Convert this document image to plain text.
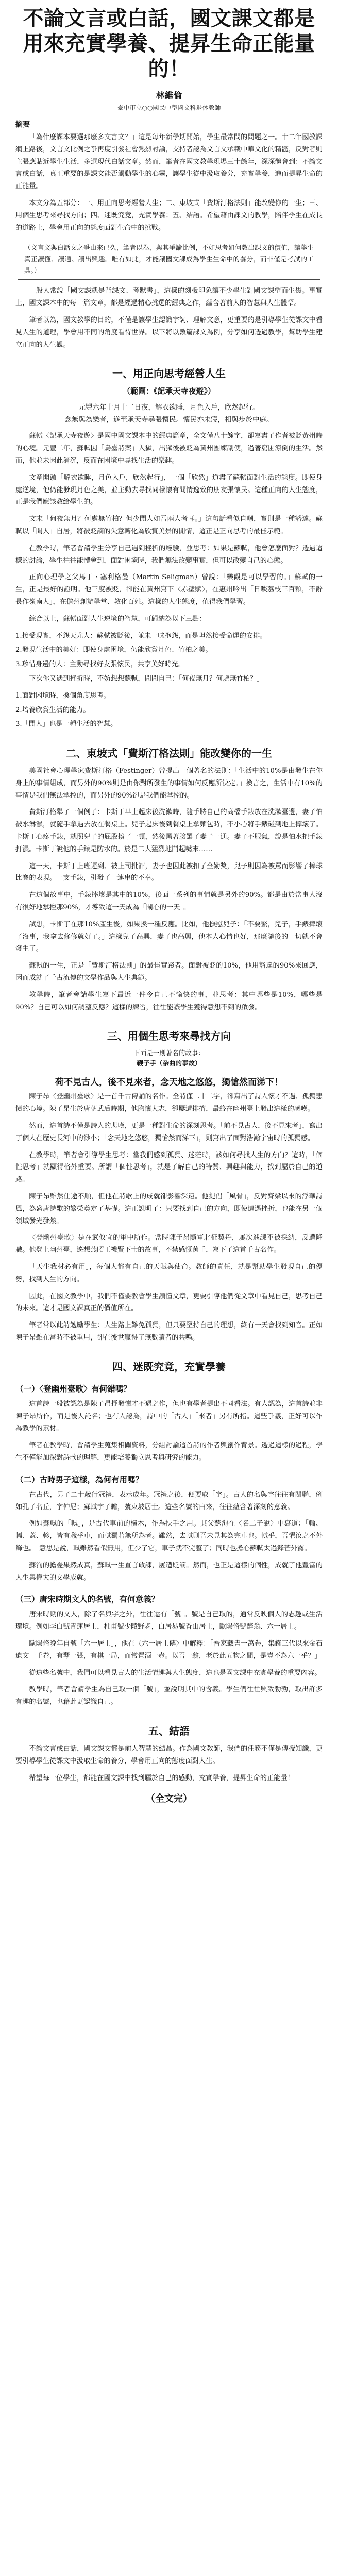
不論文言或白話，國文課文都是用來充實學養、提昇生命正能量的！
林維倫
臺中市立○○國民中學國文科退休教師
摘要

「為什麼課本要選那麼多文言文？」這是每年新學期開始，學生最常問的問題之一。十二年國教課綱上路後，文言文比例之爭再度引發社會熱烈討論，支持者認為文言文承載中華文化的精髓，反對者則主張應貼近學生生活，多選現代白話文章。然而，筆者在國文教學現場三十餘年，深深體會到：不論文言或白話，真正重要的是課文能否觸動學生的心靈，讓學生從中汲取養分，充實學養，進而提昇生命的正能量。

本文分為五部分：一、用正向思考經營人生；二、東坡式「費斯汀格法則」能改變你的一生；三、用個生思考來尋找方向；四、迷既究竟，充實學養；五、結語。希望藉由課文的教學，陪伴學生在成長的道路上，學會用正向的態度面對生命中的挑戰。

（文言文與白話文之爭由來已久，筆者以為，與其爭論比例，不如思考如何教出課文的價值，讓學生真正讀懂、讀通、讀出興趣。唯有如此，才能讓國文課成為學生生命中的養分，而非僅是考試的工具。）

一般人常說「國文課就是背課文、考默書」，這樣的刻板印象讓不少學生對國文課望而生畏。事實上，國文課本中的每一篇文章，都是經過精心挑選的經典之作，蘊含著前人的智慧與人生體悟。

筆者以為，國文教學的目的，不僅是讓學生認識字詞、理解文意，更重要的是引導學生從課文中看見人生的道理，學會用不同的角度看待世界。以下將以數篇課文為例，分享如何透過教學，幫助學生建立正向的人生觀。

一、用正向思考經營人生
（範圍：《記承天寺夜遊》）
元豐六年十月十二日夜，解衣欲睡，月色入戶，欣然起行。
念無與為樂者，遂至承天寺尋張懷民。懷民亦未寢，相與步於中庭。

蘇軾〈記承天寺夜遊〉是國中國文課本中的經典篇章，全文僅八十餘字，卻寫盡了作者被貶黃州時的心境。元豐二年，蘇軾因「烏臺詩案」入獄，出獄後被貶為黃州團練副使，過著窮困潦倒的生活。然而，他並未因此消沉，反而在困境中尋找生活的樂趣。

文章開頭「解衣欲睡，月色入戶，欣然起行」，一個「欣然」道盡了蘇軾面對生活的態度。即使身處逆境，他仍能發現月色之美，並主動去尋找同樣懷有閒情逸致的朋友張懷民。這種正向的人生態度，正是我們應該教給學生的。

文末「何夜無月？何處無竹柏？但少閒人如吾兩人者耳。」這句話看似自嘲，實則是一種豁達。蘇軾以「閒人」自居，將被貶謫的失意轉化為欣賞美景的閒情，這正是正向思考的最佳示範。

在教學時，筆者會請學生分享自己遇到挫折的經驗，並思考：如果是蘇軾，他會怎麼面對？透過這樣的討論，學生往往能體會到，面對困境時，我們無法改變事實，但可以改變自己的心態。

正向心理學之父馬丁・塞利格曼（Martin Seligman）曾說：「樂觀是可以學習的。」蘇軾的一生，正是最好的證明。他三度被貶，卻能在黃州寫下〈赤壁賦〉，在惠州吟出「日啖荔枝三百顆，不辭長作嶺南人」，在儋州創辦學堂、教化百姓。這樣的人生態度，值得我們學習。

綜合以上，蘇軾面對人生逆境的智慧，可歸納為以下三點：

1.接受現實，不怨天尤人：蘇軾被貶後，並未一味抱怨，而是坦然接受命運的安排。
2.發現生活中的美好：即使身處困境，仍能欣賞月色、竹柏之美。
3.珍惜身邊的人：主動尋找好友張懷民，共享美好時光。

下次你又遇到挫折時，不妨想想蘇軾，問問自己：「何夜無月？何處無竹柏？」

1.面對困境時，換個角度思考。
2.培養欣賞生活的能力。
3.「閒人」也是一種生活的智慧。
二、東坡式「費斯汀格法則」能改變你的一生

美國社會心理學家費斯汀格（Festinger）曾提出一個著名的法則：「生活中的10%是由發生在你身上的事情組成，而另外的90%則是由你對所發生的事情如何反應所決定。」換言之，生活中有10%的事情是我們無法掌控的，而另外的90%卻是我們能掌控的。

費斯汀格舉了一個例子：卡斯丁早上起床後洗漱時，隨手將自己的高檔手錶放在洗漱臺邊，妻子怕被水淋濕，就隨手拿過去放在餐桌上。兒子起床後到餐桌上拿麵包時，不小心將手錶碰到地上摔壞了。卡斯丁心疼手錶，就照兒子的屁股揍了一頓，然後黑著臉罵了妻子一通。妻子不服氣，說是怕水把手錶打濕。卡斯丁說他的手錶是防水的。於是二人猛烈地鬥起嘴來……

這一天，卡斯丁上班遲到、被上司批評，妻子也因此被扣了全勤獎，兒子則因為被罵而影響了棒球比賽的表現。一支手錶，引發了一連串的不幸。

在這個故事中，手錶摔壞是其中的10%，後面一系列的事情就是另外的90%。都是由於當事人沒有很好地掌控那90%，才導致這一天成為「鬧心的一天」。

試想，卡斯丁在那10%產生後，如果換一種反應。比如，他撫慰兒子：「不要緊，兒子，手錶摔壞了沒事，我拿去修修就好了。」這樣兒子高興，妻子也高興，他本人心情也好，那麼隨後的一切就不會發生了。

蘇軾的一生，正是「費斯汀格法則」的最佳實踐者。面對被貶的10%，他用豁達的90%來回應，因而成就了千古流傳的文學作品與人生典範。

教學時，筆者會請學生寫下最近一件令自己不愉快的事，並思考：其中哪些是10%，哪些是90%？自己可以如何調整反應？這樣的練習，往往能讓學生獲得意想不到的啟發。

三、用個生思考來尋找方向
下面是一則著名的故事：
鞭子手（杂曲的事故）
荷不見古人，後不見來者，念天地之悠悠，獨愴然而涕下！

陳子昂〈登幽州臺歌〉是一首千古傳誦的名作。全詩僅二十二字，卻寫出了詩人懷才不遇、孤獨悲憤的心境。陳子昂生於唐朝武后時期，他胸懷大志，卻屢遭排擠，最終在幽州臺上發出這樣的感嘆。

然而，這首詩不僅是詩人的悲嘆，更是一種對生命的深刻思考。「前不見古人，後不見來者」，寫出了個人在歷史長河中的渺小；「念天地之悠悠，獨愴然而涕下」，則寫出了面對浩瀚宇宙時的孤獨感。

在教學時，筆者會引導學生思考：當我們感到孤獨、迷茫時，該如何尋找人生的方向？這時，「個性思考」就顯得格外重要。所謂「個性思考」，就是了解自己的特質、興趣與能力，找到屬於自己的道路。

陳子昂雖然仕途不順，但他在詩歌上的成就卻影響深遠。他提倡「風骨」，反對齊梁以來的浮華詩風，為盛唐詩歌的繁榮奠定了基礎。這正說明了：只要找到自己的方向，即使遭遇挫折，也能在另一個領域發光發熱。

〈登幽州臺歌〉是在武攸宜的軍中所作。當時陳子昂隨軍北征契丹，屢次進諫不被採納，反遭降職。他登上幽州臺，遙想燕昭王禮賢下士的故事，不禁感慨萬千，寫下了這首千古名作。

「天生我材必有用」，每個人都有自己的天賦與使命。教師的責任，就是幫助學生發現自己的優勢，找到人生的方向。

因此，在國文教學中，我們不僅要教會學生讀懂文章，更要引導他們從文章中看見自己，思考自己的未來。這才是國文課真正的價值所在。

筆者常以此詩勉勵學生：人生路上難免孤獨，但只要堅持自己的理想，終有一天會找到知音。正如陳子昂雖在當時不被重用，卻在後世贏得了無數讀者的共鳴。

四、迷既究竟，充實學養
（一）〈登幽州臺歌〉有何錯嗎？

這首詩一般被認為是陳子昂抒發懷才不遇之作，但也有學者提出不同看法。有人認為，這首詩並非陳子昂所作，而是後人託名；也有人認為，詩中的「古人」「來者」另有所指。這些爭議，正好可以作為教學的素材。

筆者在教學時，會請學生蒐集相關資料，分組討論這首詩的作者與創作背景。透過這樣的過程，學生不僅能加深對詩歌的理解，更能培養獨立思考與研究的能力。

（二）古時男子這樣，為何有用嗎？

在古代，男子二十歲行冠禮，表示成年。冠禮之後，便要取「字」。古人的名與字往往有關聯，例如孔子名丘，字仲尼；蘇軾字子瞻，號東坡居士。這些名號的由來，往往蘊含著深刻的意義。

例如蘇軾的「軾」，是古代車前的橫木，作為扶手之用。其父蘇洵在〈名二子說〉中寫道：「輪、輻、蓋、軫，皆有職乎車，而軾獨若無所為者。雖然，去軾則吾未見其為完車也。軾乎，吾懼汝之不外飾也。」意思是說，軾雖然看似無用，但少了它，車子就不完整了；同時也擔心蘇軾太過鋒芒外露。

蘇洵的擔憂果然成真，蘇軾一生直言敢諫，屢遭貶謫。然而，也正是這樣的個性，成就了他豐富的人生與偉大的文學成就。

（三）唐宋時期文人的名號，有何意義？

唐宋時期的文人，除了名與字之外，往往還有「號」。號是自己取的，通常反映個人的志趣或生活環境。例如李白號青蓮居士，杜甫號少陵野老，白居易號香山居士，歐陽脩號醉翁、六一居士。

歐陽脩晚年自號「六一居士」，他在〈六一居士傳〉中解釋：「吾家藏書一萬卷，集錄三代以來金石遺文一千卷，有琴一張，有棋一局，而常置酒一壺。以吾一翁，老於此五物之間，是豈不為六一乎？」

從這些名號中，我們可以看見古人的生活情趣與人生態度，這也是國文課中充實學養的重要內容。

教學時，筆者會請學生為自己取一個「號」，並說明其中的含義。學生們往往興致勃勃，取出許多有趣的名號，也藉此更認識自己。

五、結語

不論文言或白話，國文課文都是前人智慧的結晶。作為國文教師，我們的任務不僅是傳授知識，更要引導學生從課文中汲取生命的養分，學會用正向的態度面對人生。

希望每一位學生，都能在國文課中找到屬於自己的感動，充實學養，提昇生命的正能量！

（全文完）
